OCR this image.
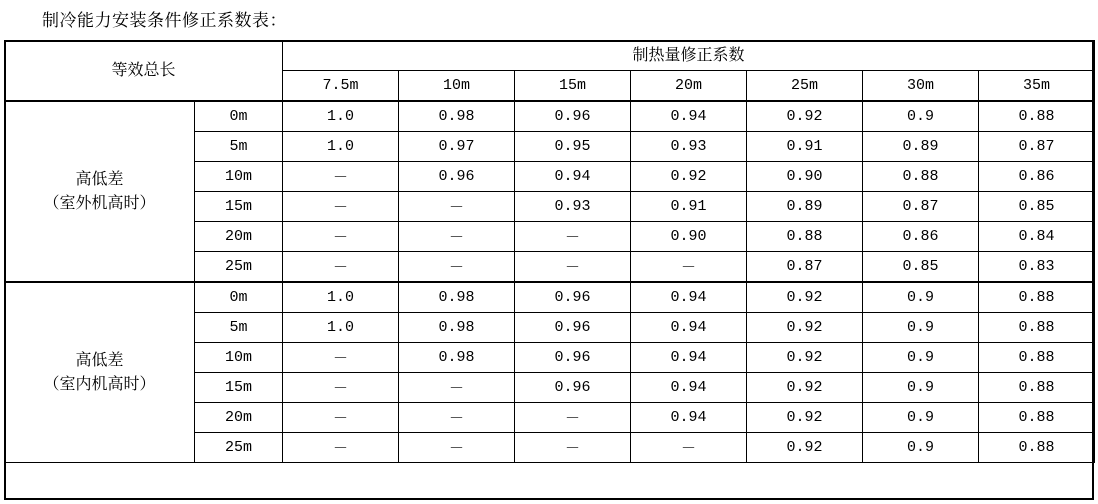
制冷能力安装条件修正系数表：
等效总长		制热量修正系数						
		7.5m	10m	15m	20m	25m	30m	35m
高低差
（室外机高时）	0m	1.0	0.98	0.96	0.94	0.92	0.9	0.88
	5m	1.0	0.97	0.95	0.93	0.91	0.89	0.87
	10m	－	0.96	0.94	0.92	0.90	0.88	0.86
	15m	－	－	0.93	0.91	0.89	0.87	0.85
	20m	－	－	－	0.90	0.88	0.86	0.84
	25m	－	－	－	－	0.87	0.85	0.83
高低差
（室内机高时）	0m	1.0	0.98	0.96	0.94	0.92	0.9	0.88
	5m	1.0	0.98	0.96	0.94	0.92	0.9	0.88
	10m	－	0.98	0.96	0.94	0.92	0.9	0.88
	15m	－	－	0.96	0.94	0.92	0.9	0.88
	20m	－	－	－	0.94	0.92	0.9	0.88
	25m	－	－	－	－	0.92	0.9	0.88
